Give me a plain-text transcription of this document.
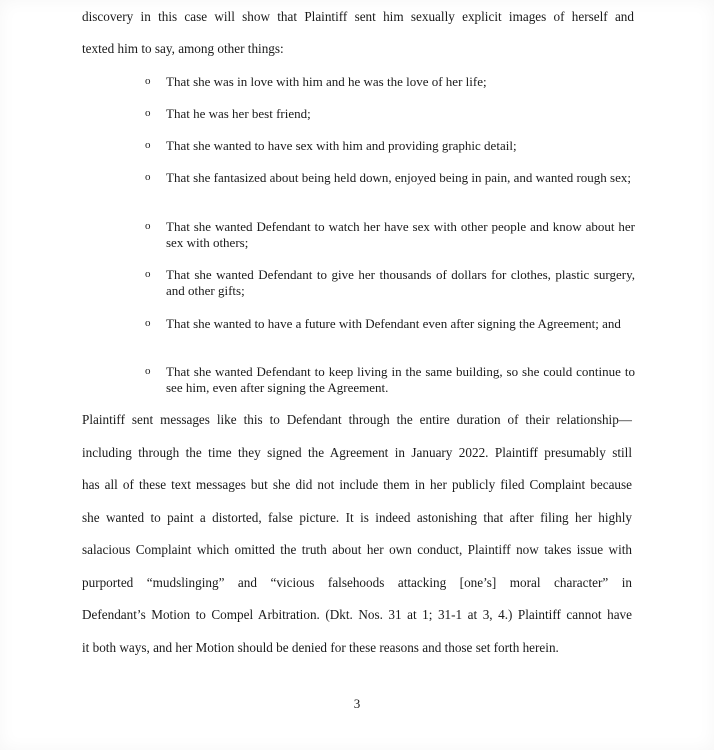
discovery in this case will show that Plaintiff sent him sexually explicit images of herself and
texted him to say, among other things:
o	That she was in love with him and he was the love of her life;
o	That he was her best friend;
o	That she wanted to have sex with him and providing graphic detail;
o	That she fantasized about being held down, enjoyed being in pain, and wanted rough sex;
o	That she wanted Defendant to watch her have sex with other people and know about her sex with others;
o	That she wanted Defendant to give her thousands of dollars for clothes, plastic surgery, and other gifts;
o	That she wanted to have a future with Defendant even after signing the Agreement; and
o	That she wanted Defendant to keep living in the same building, so she could continue to see him, even after signing the Agreement.
Plaintiff sent messages like this to Defendant through the entire duration of their relationship—
including through the time they signed the Agreement in January 2022. Plaintiff presumably still
has all of these text messages but she did not include them in her publicly filed Complaint because
she wanted to paint a distorted, false picture. It is indeed astonishing that after filing her highly
salacious Complaint which omitted the truth about her own conduct, Plaintiff now takes issue with
purported “mudslinging” and “vicious falsehoods attacking [one’s] moral character” in
Defendant’s Motion to Compel Arbitration. (Dkt. Nos. 31 at 1; 31-1 at 3, 4.) Plaintiff cannot have
it both ways, and her Motion should be denied for these reasons and those set forth herein.
3
